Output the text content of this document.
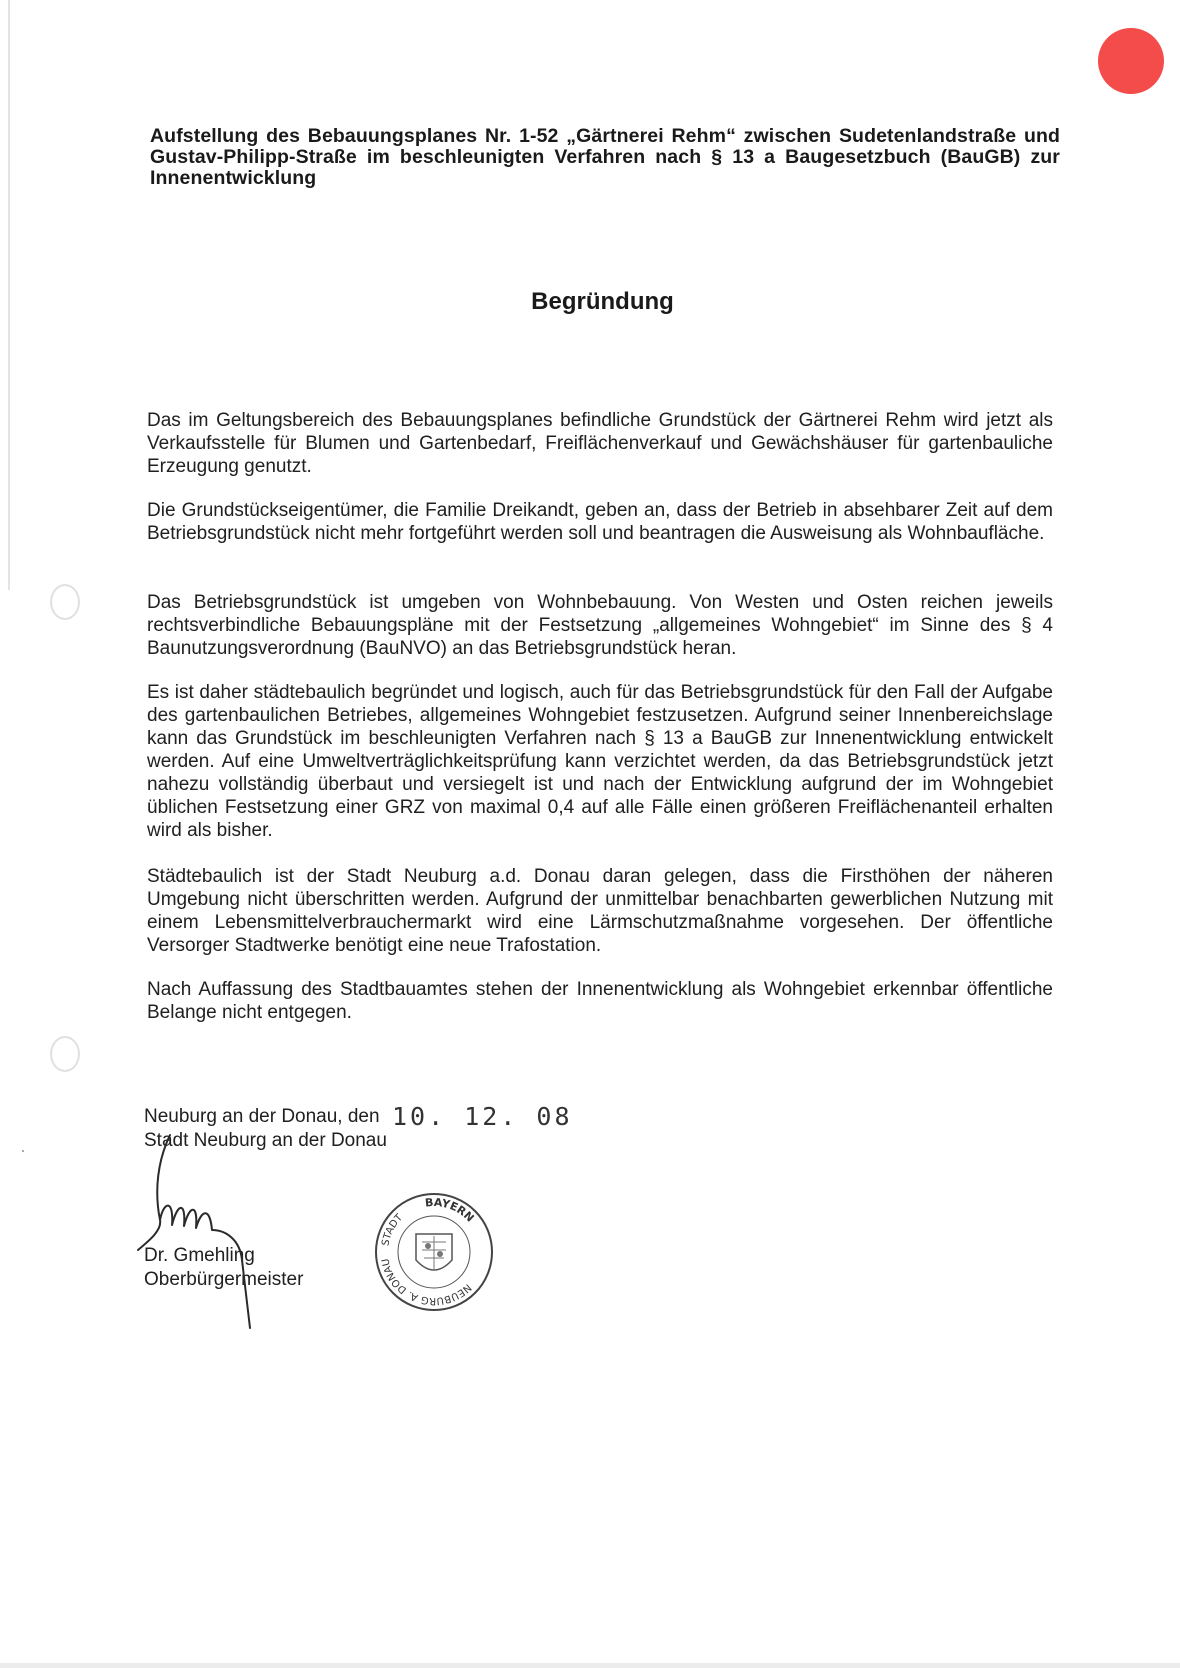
Aufstellung des Bebauungsplanes Nr. 1-52 „Gärtnerei Rehm“ zwischen Sudetenlandstraße und Gustav-Philipp-Straße im beschleunigten Verfahren nach § 13 a Baugesetzbuch (BauGB) zur Innenentwicklung
Begründung

Das im Geltungsbereich des Bebauungsplanes befindliche Grundstück der Gärtnerei Rehm wird jetzt als Verkaufsstelle für Blumen und Gartenbedarf, Freiflächenverkauf und Gewächshäuser für gartenbauliche Erzeugung genutzt.

Die Grundstückseigentümer, die Familie Dreikandt, geben an, dass der Betrieb in absehbarer Zeit auf dem Betriebsgrundstück nicht mehr fortgeführt werden soll und beantragen die Ausweisung als Wohnbaufläche.

Das Betriebsgrundstück ist umgeben von Wohnbebauung. Von Westen und Osten reichen jeweils rechtsverbindliche Bebauungspläne mit der Festsetzung „allgemeines Wohngebiet“ im Sinne des § 4 Baunutzungsverordnung (BauNVO) an das Betriebsgrundstück heran.

Es ist daher städtebaulich begründet und logisch, auch für das Betriebsgrundstück für den Fall der Aufgabe des gartenbaulichen Betriebes, allgemeines Wohngebiet festzusetzen. Aufgrund seiner Innenbereichslage kann das Grundstück im beschleunigten Verfahren nach § 13 a BauGB zur Innenentwicklung entwickelt werden. Auf eine Umweltverträglichkeitsprüfung kann verzichtet werden, da das Betriebsgrundstück jetzt nahezu vollständig überbaut und versiegelt ist und nach der Entwicklung aufgrund der im Wohngebiet üblichen Festsetzung einer GRZ von maximal 0,4 auf alle Fälle einen größeren Freiflächenanteil erhalten wird als bisher.

Städtebaulich ist der Stadt Neuburg a.d. Donau daran gelegen, dass die Firsthöhen der näheren Umgebung nicht überschritten werden. Aufgrund der unmittelbar benachbarten gewerblichen Nutzung mit einem Lebensmittelverbrauchermarkt wird eine Lärmschutzmaßnahme vorgesehen. Der öffentliche Versorger Stadtwerke benötigt eine neue Trafostation.

Nach Auffassung des Stadtbauamtes stehen der Innenentwicklung als Wohngebiet erkennbar öffentliche Belange nicht entgegen.

Neuburg an der Donau, den 10. 12. 08
Stadt Neuburg an der Donau
Dr. Gmehling
Oberbürgermeister
BAYERN
STADT
NEUBURG A. DONAU
